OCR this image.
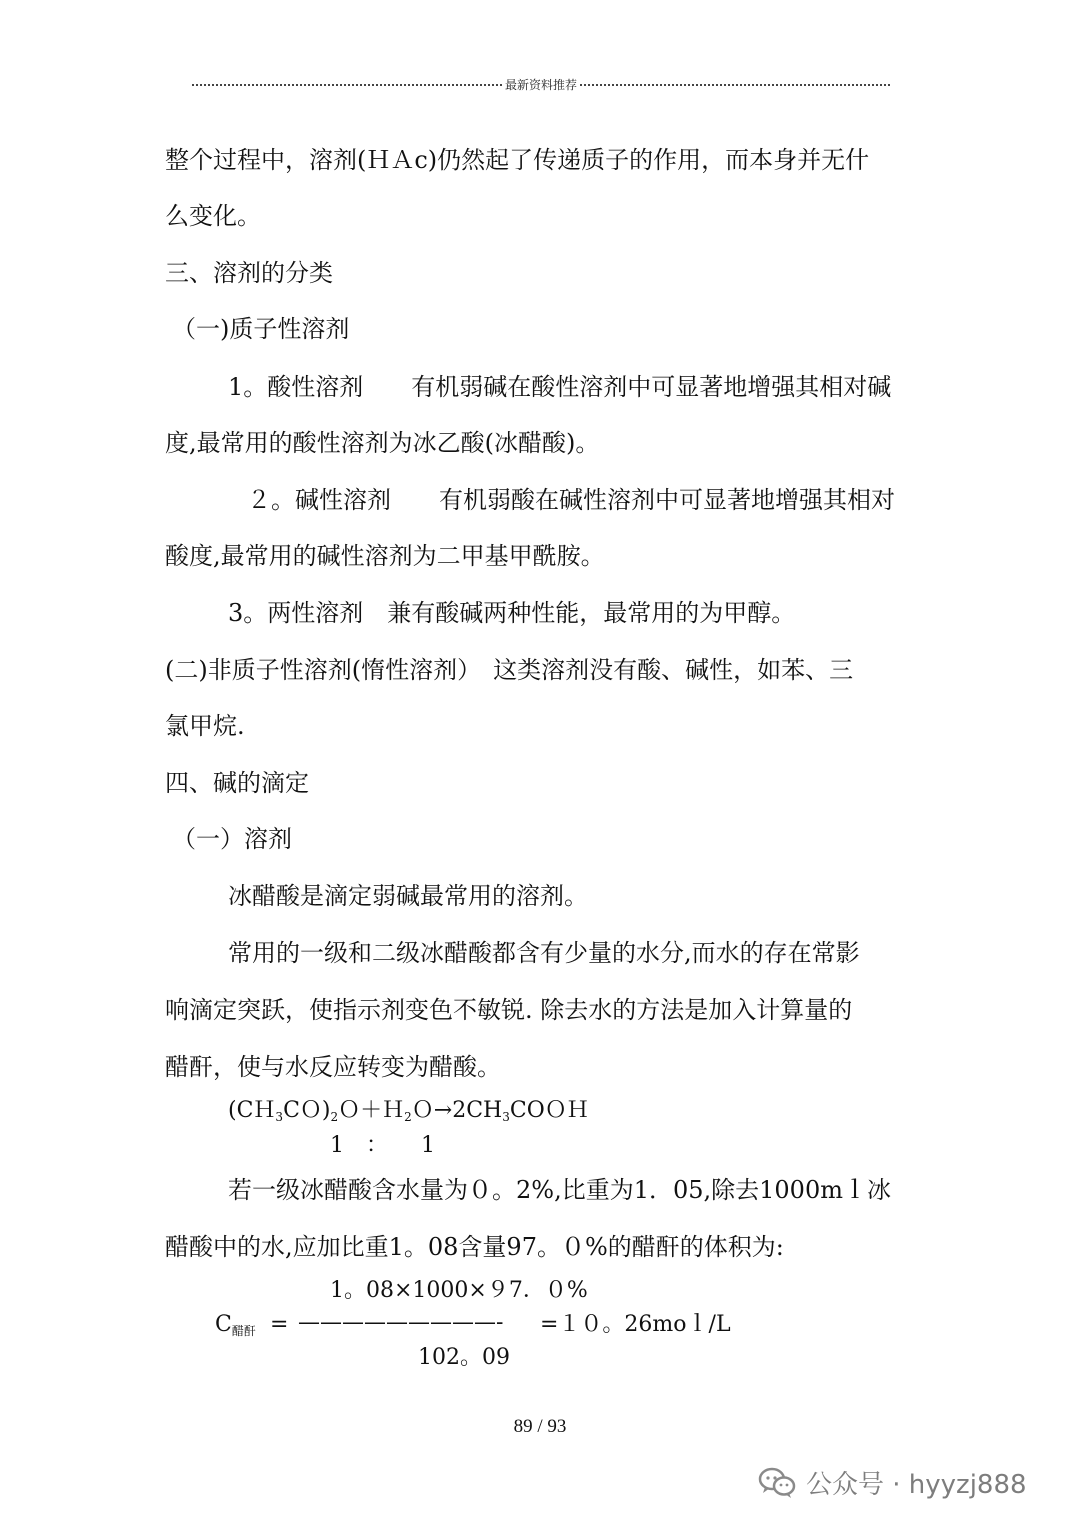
最新资料推荐
整个过程中，溶剂(ＨＡc)仍然起了传递质子的作用，而本身并无什
么变化。
三、溶剂的分类
（一)质子性溶剂
1。酸性溶剂　　有机弱碱在酸性溶剂中可显著地增强其相对碱
度,最常用的酸性溶剂为冰乙酸(冰醋酸)。
２。碱性溶剂　　有机弱酸在碱性溶剂中可显著地增强其相对
酸度,最常用的碱性溶剂为二甲基甲酰胺。
3。两性溶剂　兼有酸碱两种性能，最常用的为甲醇。
(二)非质子性溶剂(惰性溶剂）　这类溶剂没有酸、碱性，如苯、三
氯甲烷.
四、碱的滴定
（一）溶剂
冰醋酸是滴定弱碱最常用的溶剂。
常用的一级和二级冰醋酸都含有少量的水分,而水的存在常影
响滴定突跃，使指示剂变色不敏锐. 除去水的方法是加入计算量的
醋酐，使与水反应转变为醋酸。
$(CH_3CO)_2O+H_2O\to 2CH_3COOH$
1　：　　1
若一级冰醋酸含水量为０。2%,比重为1．05,除去1000mｌ冰
醋酸中的水,应加比重1。08含量97。０%的醋酐的体积为:
1。08×1000×９7．０%
$C_{醋酐}$ = —————————- =１０。26moｌ/L
102。09
89 / 93
公众号 · hyyzj888
